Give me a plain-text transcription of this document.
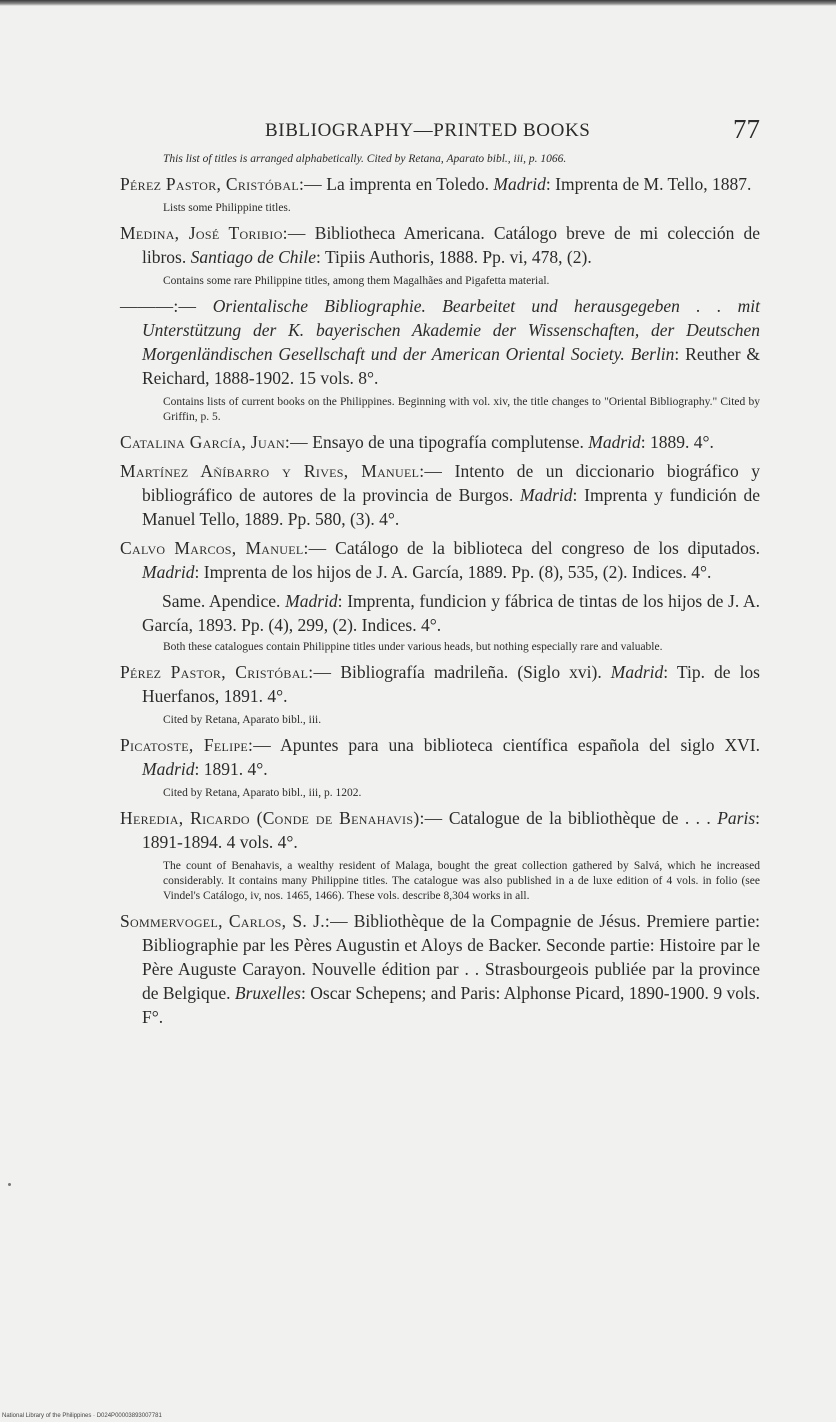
BIBLIOGRAPHY—PRINTED BOOKS	77

This list of titles is arranged alphabetically. Cited by Retana, Aparato bibl., iii, p. 1066.

Pérez Pastor, Cristóbal:— La imprenta en Toledo. Madrid: Imprenta de M. Tello, 1887.

Lists some Philippine titles.

Medina, José Toribio:— Bibliotheca Americana. Catálogo breve de mi colección de libros. Santiago de Chile: Tipiis Authoris, 1888. Pp. vi, 478, (2).

Contains some rare Philippine titles, among them Magalhães and Pigafetta material.

———:— Orientalische Bibliographie. Bearbeitet und herausgegeben . . mit Unterstützung der K. bayerischen Akademie der Wissenschaften, der Deutschen Morgenländischen Gesellschaft und der American Oriental Society. Berlin: Reuther & Reichard, 1888-1902. 15 vols. 8°.

Contains lists of current books on the Philippines. Beginning with vol. xiv, the title changes to "Oriental Bibliography." Cited by Griffin, p. 5.

Catalina García, Juan:— Ensayo de una tipografía complutense. Madrid: 1889. 4°.

Martínez Añíbarro y Rives, Manuel:— Intento de un diccionario biográfico y bibliográfico de autores de la provincia de Burgos. Madrid: Imprenta y fundición de Manuel Tello, 1889. Pp. 580, (3). 4°.

Calvo Marcos, Manuel:— Catálogo de la biblioteca del congreso de los diputados. Madrid: Imprenta de los hijos de J. A. García, 1889. Pp. (8), 535, (2). Indices. 4°.

Same. Apendice. Madrid: Imprenta, fundicion y fábrica de tintas de los hijos de J. A. García, 1893. Pp. (4), 299, (2). Indices. 4°.

Both these catalogues contain Philippine titles under various heads, but nothing especially rare and valuable.

Pérez Pastor, Cristóbal:— Bibliografía madrileña. (Siglo xvi). Madrid: Tip. de los Huerfanos, 1891. 4°.

Cited by Retana, Aparato bibl., iii.

Picatoste, Felipe:— Apuntes para una biblioteca científica española del siglo XVI. Madrid: 1891. 4°.

Cited by Retana, Aparato bibl., iii, p. 1202.

Heredia, Ricardo (Conde de Benahavis):— Catalogue de la bibliothèque de . . . Paris: 1891-1894. 4 vols. 4°.

The count of Benahavis, a wealthy resident of Malaga, bought the great collection gathered by Salvá, which he increased considerably. It contains many Philippine titles. The catalogue was also published in a de luxe edition of 4 vols. in folio (see Vindel's Catálogo, iv, nos. 1465, 1466). These vols. describe 8,304 works in all.

Sommervogel, Carlos, S. J.:— Bibliothèque de la Compagnie de Jésus. Premiere partie: Bibliographie par les Pères Augustin et Aloys de Backer. Seconde partie: Histoire par le Père Auguste Carayon. Nouvelle édition par . . Strasbourgeois publiée par la province de Belgique. Bruxelles: Oscar Schepens; and Paris: Alphonse Picard, 1890-1900. 9 vols. F°.

National Library of the Philippines · D024P00003893007781
